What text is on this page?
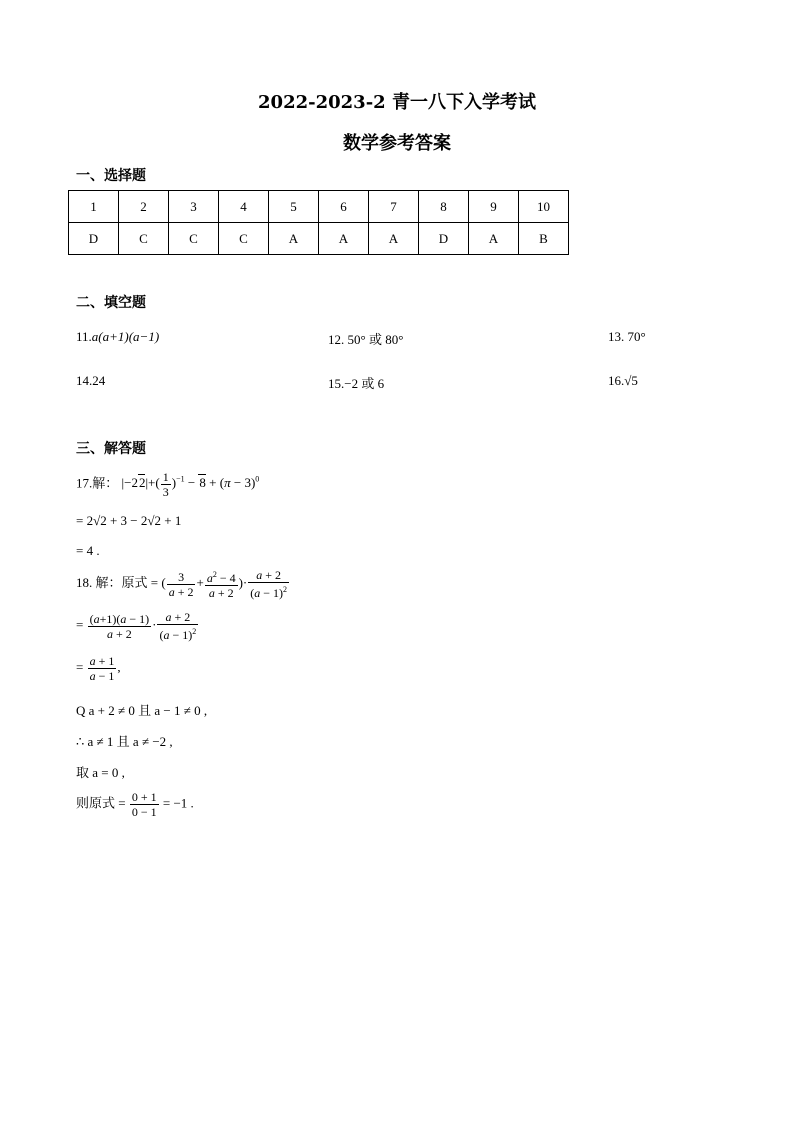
2022-2023-2 青一八下入学考试
数学参考答案
一、选择题
1	2	3	4	5	6	7	8	9	10
D	C	C	C	A	A	A	D	A	B
二、填空题
11.a(a+1)(a−1)	12. 50° 或 80°	13. 70°
14.24	15.−2 或 6	16.√5
三、解答题
17.解： $|-22|+( \frac{1}{3} )^{-1} - 8 + (\pi - 3)^0$
= 2√2 + 3 − 2√2 + 1
= 4 .
18. 解：原式 = ( $\frac{3}{a + 2} + \frac{a^2 - 4}{a + 2}$ )· $\frac{a + 2}{(a - 1)^2}$
= $\frac{(a+1)(a - 1)}{a + 2} \cdot \frac{a + 2}{(a - 1)^2}$
= $\frac{a + 1}{a - 1}$ ,
Q a + 2 ≠ 0 且 a − 1 ≠ 0 ,
∴ a ≠ 1 且 a ≠ −2 ,
取 a = 0 ,
则原式 = $\frac{0 + 1}{0 - 1} = -1$ .
